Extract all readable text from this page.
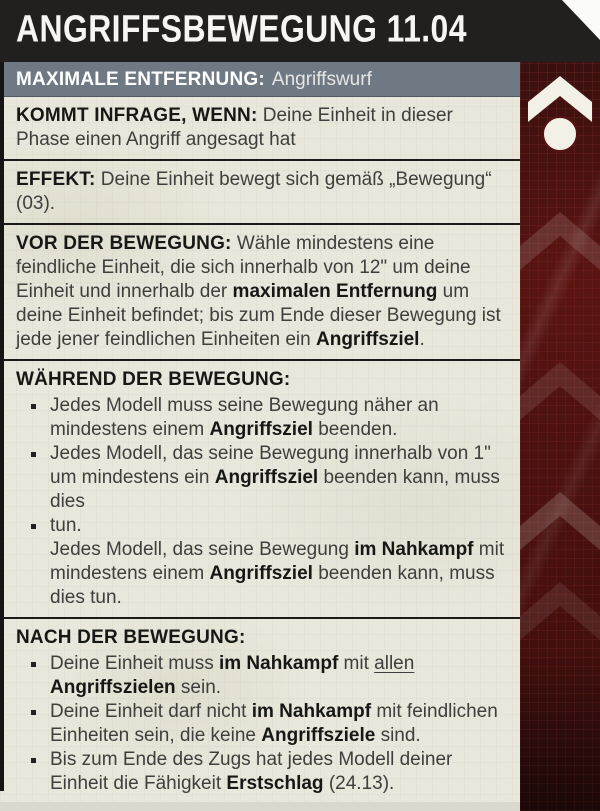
ANGRIFFSBEWEGUNG 11.04
MAXIMALE ENTFERNUNG: Angriffswurf

KOMMT INFRAGE, WENN: Deine Einheit in dieser Phase einen Angriff angesagt hat

EFFEKT: Deine Einheit bewegt sich gemäß „Bewegung“ (03).

VOR DER BEWEGUNG: Wähle mindestens eine feindliche Einheit, die sich innerhalb von 12" um deine Einheit und innerhalb der maximalen Entfernung um deine Einheit befindet; bis zum Ende dieser Bewegung ist jede jener feindlichen Einheiten ein Angriffsziel.

WÄHREND DER BEWEGUNG:

Jedes Modell muss seine Bewegung näher an mindestens einem Angriffsziel beenden.
Jedes Modell, das seine Bewegung innerhalb von 1" um mindestens ein Angriffsziel beenden kann, muss dies
tun.
Jedes Modell, das seine Bewegung im Nahkampf mit mindestens einem Angriffsziel beenden kann, muss dies tun.

NACH DER BEWEGUNG:

Deine Einheit muss im Nahkampf mit allen Angriffszielen sein.
Deine Einheit darf nicht im Nahkampf mit feindlichen Einheiten sein, die keine Angriffsziele sind.
Bis zum Ende des Zugs hat jedes Modell deiner Einheit die Fähigkeit Erstschlag (24.13).
